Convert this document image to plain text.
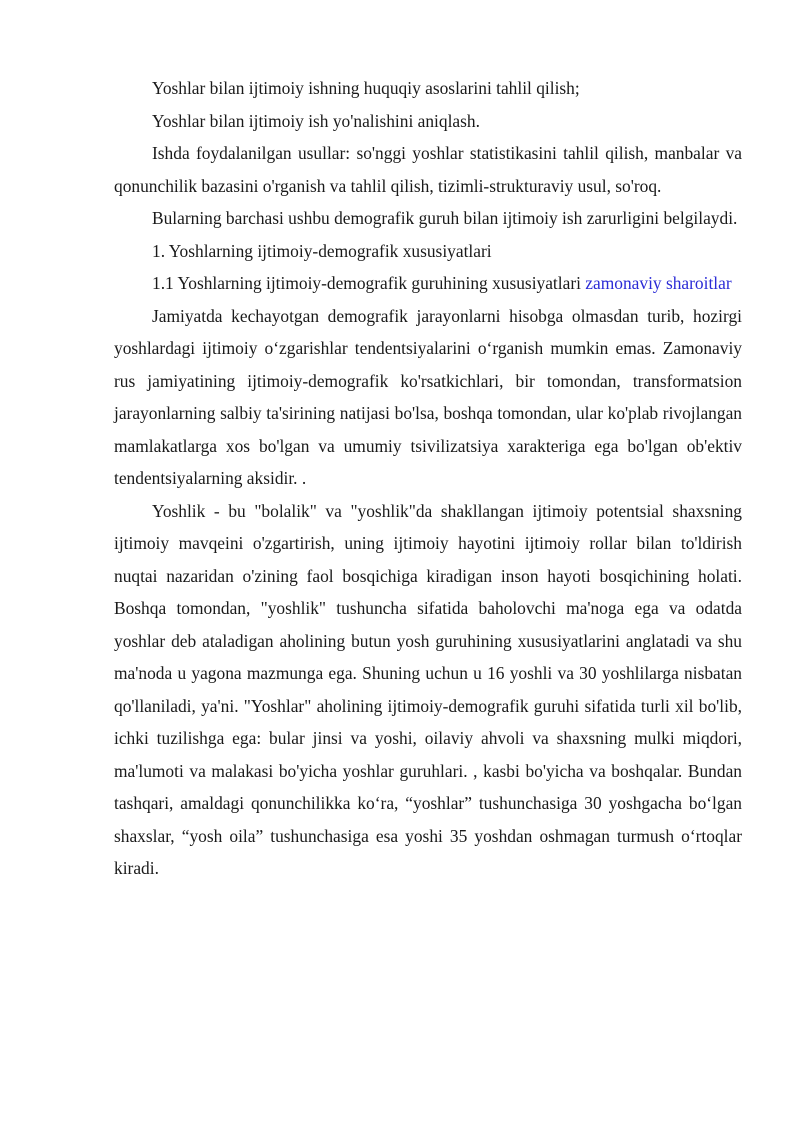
Yoshlar bilan ijtimoiy ishning huquqiy asoslarini tahlil qilish;

Yoshlar bilan ijtimoiy ish yo'nalishini aniqlash.

Ishda foydalanilgan usullar: so'nggi yoshlar statistikasini tahlil qilish, manbalar va qonunchilik bazasini o'rganish va tahlil qilish, tizimli-strukturaviy usul, so'roq.

Bularning barchasi ushbu demografik guruh bilan ijtimoiy ish zarurligini belgilaydi.

1. Yoshlarning ijtimoiy-demografik xususiyatlari

1.1 Yoshlarning ijtimoiy-demografik guruhining xususiyatlari zamonaviy sharoitlar

Jamiyatda kechayotgan demografik jarayonlarni hisobga olmasdan turib, hozirgi yoshlardagi ijtimoiy o‘zgarishlar tendentsiyalarini o‘rganish mumkin emas. Zamonaviy rus jamiyatining ijtimoiy-demografik ko'rsatkichlari, bir tomondan, transformatsion jarayonlarning salbiy ta'sirining natijasi bo'lsa, boshqa tomondan, ular ko'plab rivojlangan mamlakatlarga xos bo'lgan va umumiy tsivilizatsiya xarakteriga ega bo'lgan ob'ektiv tendentsiyalarning aksidir. .

Yoshlik - bu "bolalik" va "yoshlik"da shakllangan ijtimoiy potentsial shaxsning ijtimoiy mavqeini o'zgartirish, uning ijtimoiy hayotini ijtimoiy rollar bilan to'ldirish nuqtai nazaridan o'zining faol bosqichiga kiradigan inson hayoti bosqichining holati. Boshqa tomondan, "yoshlik" tushuncha sifatida baholovchi ma'noga ega va odatda yoshlar deb ataladigan aholining butun yosh guruhining xususiyatlarini anglatadi va shu ma'noda u yagona mazmunga ega. Shuning uchun u 16 yoshli va 30 yoshlilarga nisbatan qo'llaniladi, ya'ni. "Yoshlar" aholining ijtimoiy-demografik guruhi sifatida turli xil bo'lib, ichki tuzilishga ega: bular jinsi va yoshi, oilaviy ahvoli va shaxsning mulki miqdori, ma'lumoti va malakasi bo'yicha yoshlar guruhlari. , kasbi bo'yicha va boshqalar. Bundan tashqari, amaldagi qonunchilikka ko‘ra, “yoshlar” tushunchasiga 30 yoshgacha bo‘lgan shaxslar, “yosh oila” tushunchasiga esa yoshi 35 yoshdan oshmagan turmush o‘rtoqlar kiradi.
